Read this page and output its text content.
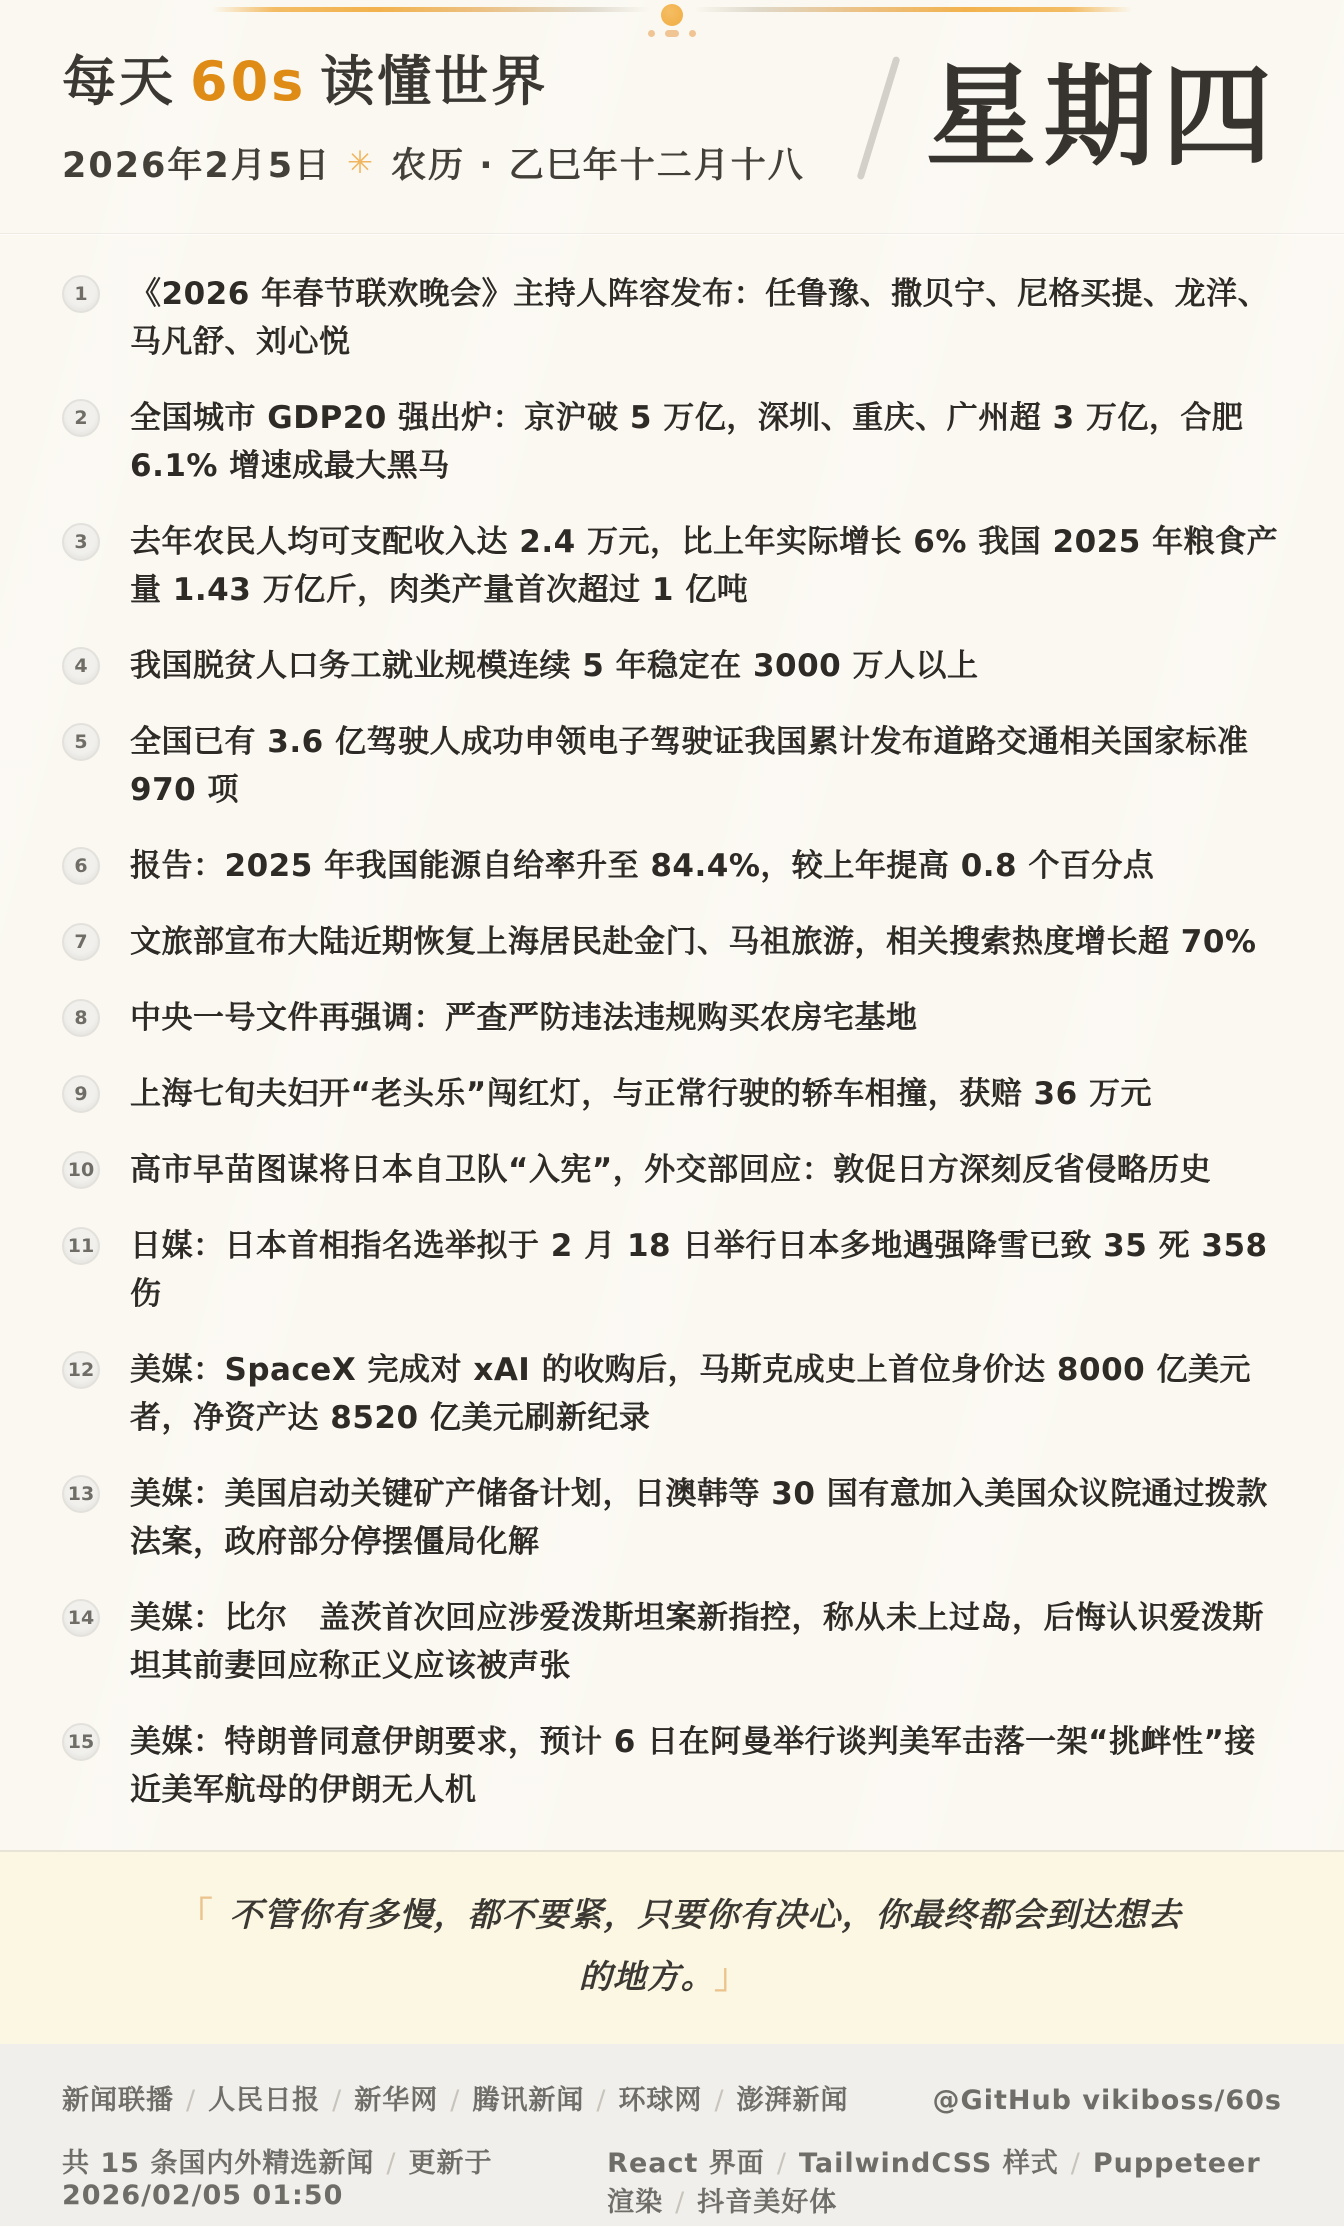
每天 60s 读懂世界
2026年2月5日 ✳ 农历 · 乙巳年十二月十八 星期四
1 《2026 年春节联欢晚会》主持人阵容发布：任鲁豫、撒贝宁、尼格买提、龙洋、马凡舒、刘心悦

2 全国城市 GDP20 强出炉：京沪破 5 万亿，深圳、重庆、广州超 3 万亿，合肥 6.1% 增速成最大黑马

3 去年农民人均可支配收入达 2.4 万元，比上年实际增长 6% 我国 2025 年粮食产量 1.43 万亿斤，肉类产量首次超过 1 亿吨

4 我国脱贫人口务工就业规模连续 5 年稳定在 3000 万人以上

5 全国已有 3.6 亿驾驶人成功申领电子驾驶证我国累计发布道路交通相关国家标准 970 项

6 报告：2025 年我国能源自给率升至 84.4%，较上年提高 0.8 个百分点

7 文旅部宣布大陆近期恢复上海居民赴金门、马祖旅游，相关搜索热度增长超 70%

8 中央一号文件再强调：严查严防违法违规购买农房宅基地

9 上海七旬夫妇开“老头乐”闯红灯，与正常行驶的轿车相撞，获赔 36 万元

10 高市早苗图谋将日本自卫队“入宪”，外交部回应：敦促日方深刻反省侵略历史

11 日媒：日本首相指名选举拟于 2 月 18 日举行日本多地遇强降雪已致 35 死 358 伤

12 美媒：SpaceX 完成对 xAI 的收购后，马斯克成史上首位身价达 8000 亿美元者，净资产达 8520 亿美元刷新纪录

13 美媒：美国启动关键矿产储备计划，日澳韩等 30 国有意加入美国众议院通过拨款法案，政府部分停摆僵局化解

14 美媒：比尔　盖茨首次回应涉爱泼斯坦案新指控，称从未上过岛，后悔认识爱泼斯坦其前妻回应称正义应该被声张

15 美媒：特朗普同意伊朗要求，预计 6 日在阿曼举行谈判美军击落一架“挑衅性”接近美军航母的伊朗无人机

「 不管你有多慢，都不要紧，只要你有决心，你最终都会到达想去的地方。 」

新闻联播 / 人民日报 / 新华网 / 腾讯新闻 / 环球网 / 澎湃新闻	@GitHub vikiboss/60s
共 15 条国内外精选新闻 / 更新于 2026/02/05 01:50
React 界面 / TailwindCSS 样式 / Puppeteer 渲染 / 抖音美好体
